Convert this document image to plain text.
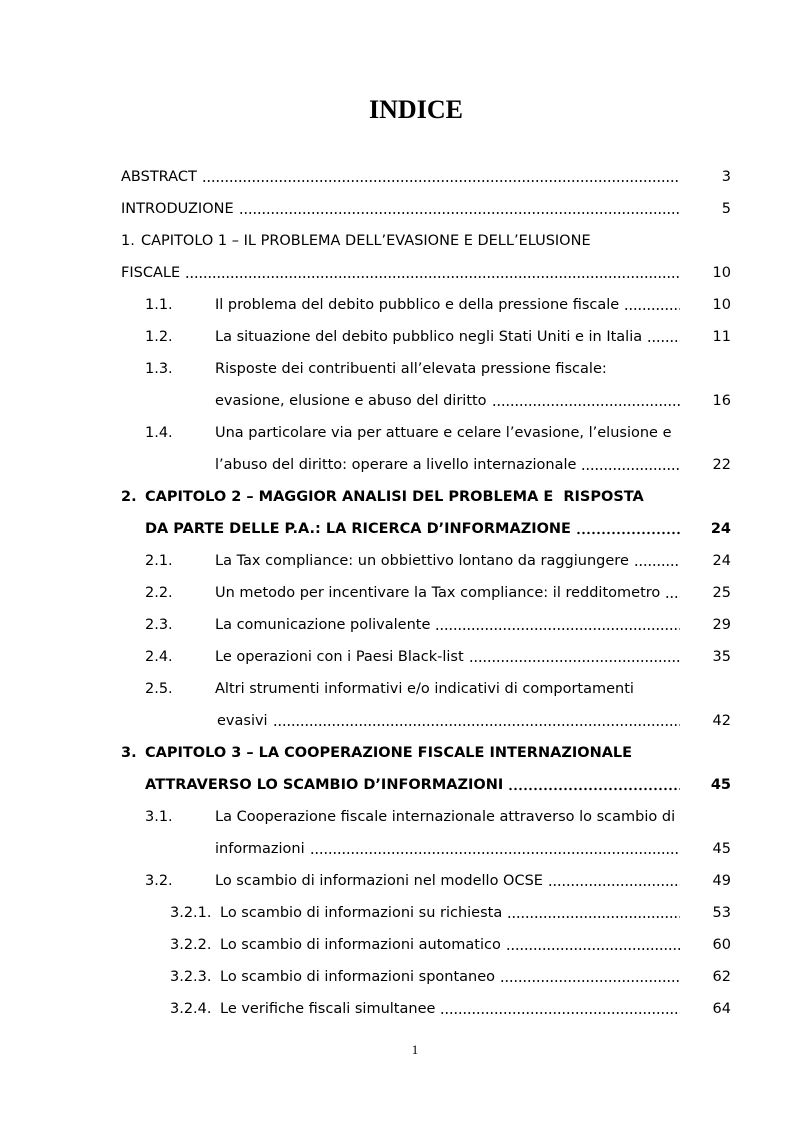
INDICE
ABSTRACT	3
INTRODUZIONE	5
1. CAPITOLO 1 – IL PROBLEMA DELL’EVASIONE E DELL’ELUSIONE
FISCALE	10
1.1.	Il problema del debito pubblico e della pressione fiscale	10
1.2.	La situazione del debito pubblico negli Stati Uniti e in Italia	11
1.3.	Risposte dei contribuenti all’elevata pressione fiscale:
evasione, elusione e abuso del diritto	16
1.4.	Una particolare via per attuare e celare l’evasione, l’elusione e
l’abuso del diritto: operare a livello internazionale	22
2. CAPITOLO 2 – MAGGIOR ANALISI DEL PROBLEMA E  RISPOSTA
DA PARTE DELLE P.A.: LA RICERCA D’INFORMAZIONE	24
2.1.	La Tax compliance: un obbiettivo lontano da raggiungere	24
2.2.	Un metodo per incentivare la Tax compliance: il redditometro	25
2.3.	La comunicazione polivalente	29
2.4.	Le operazioni con i Paesi Black-list	35
2.5.	Altri strumenti informativi e/o indicativi di comportamenti
evasivi	42
3. CAPITOLO 3 – LA COOPERAZIONE FISCALE INTERNAZIONALE
ATTRAVERSO LO SCAMBIO D’INFORMAZIONI	45
3.1.	La Cooperazione fiscale internazionale attraverso lo scambio di
informazioni	45
3.2.	Lo scambio di informazioni nel modello OCSE	49
3.2.1. Lo scambio di informazioni su richiesta	53
3.2.2. Lo scambio di informazioni automatico	60
3.2.3. Lo scambio di informazioni spontaneo	62
3.2.4. Le verifiche fiscali simultanee	64
1
